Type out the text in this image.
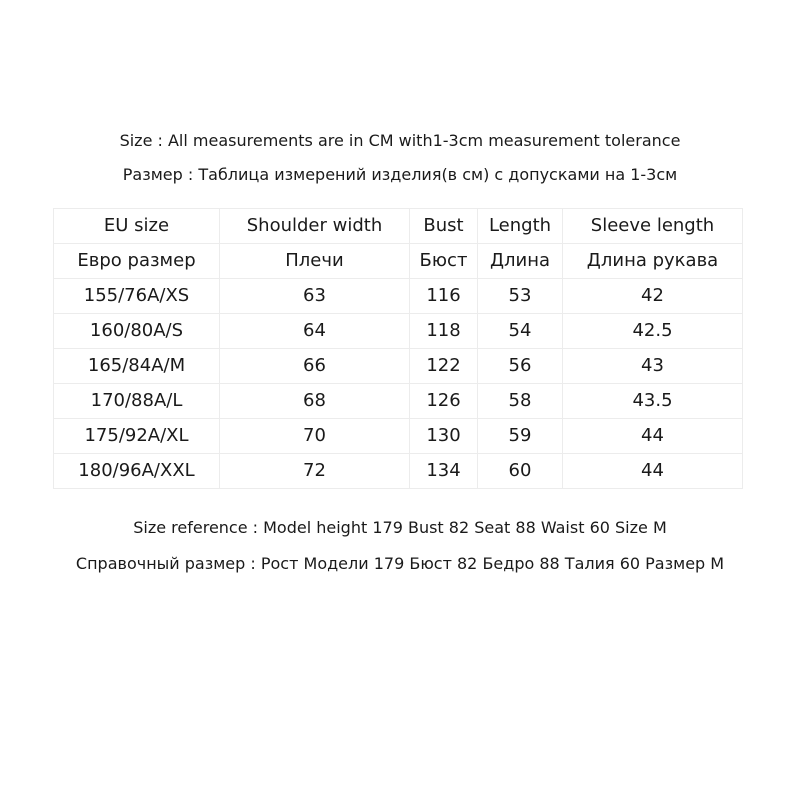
Size : All measurements are in CM with1-3cm measurement tolerance
Размер : Таблица измерений изделия(в см) с допусками на 1-3см
EU size	Shoulder width	Bust	Length	Sleeve length
Евро размер	Плечи	Бюст	Длина	Длина рукава
155/76A/XS	63	116	53	42
160/80A/S	64	118	54	42.5
165/84A/M	66	122	56	43
170/88A/L	68	126	58	43.5
175/92A/XL	70	130	59	44
180/96A/XXL	72	134	60	44
Size reference : Model height 179 Bust 82 Seat 88 Waist 60 Size M
Справочный размер : Рост Модели 179 Бюст 82 Бедро 88 Талия 60 Размер M
